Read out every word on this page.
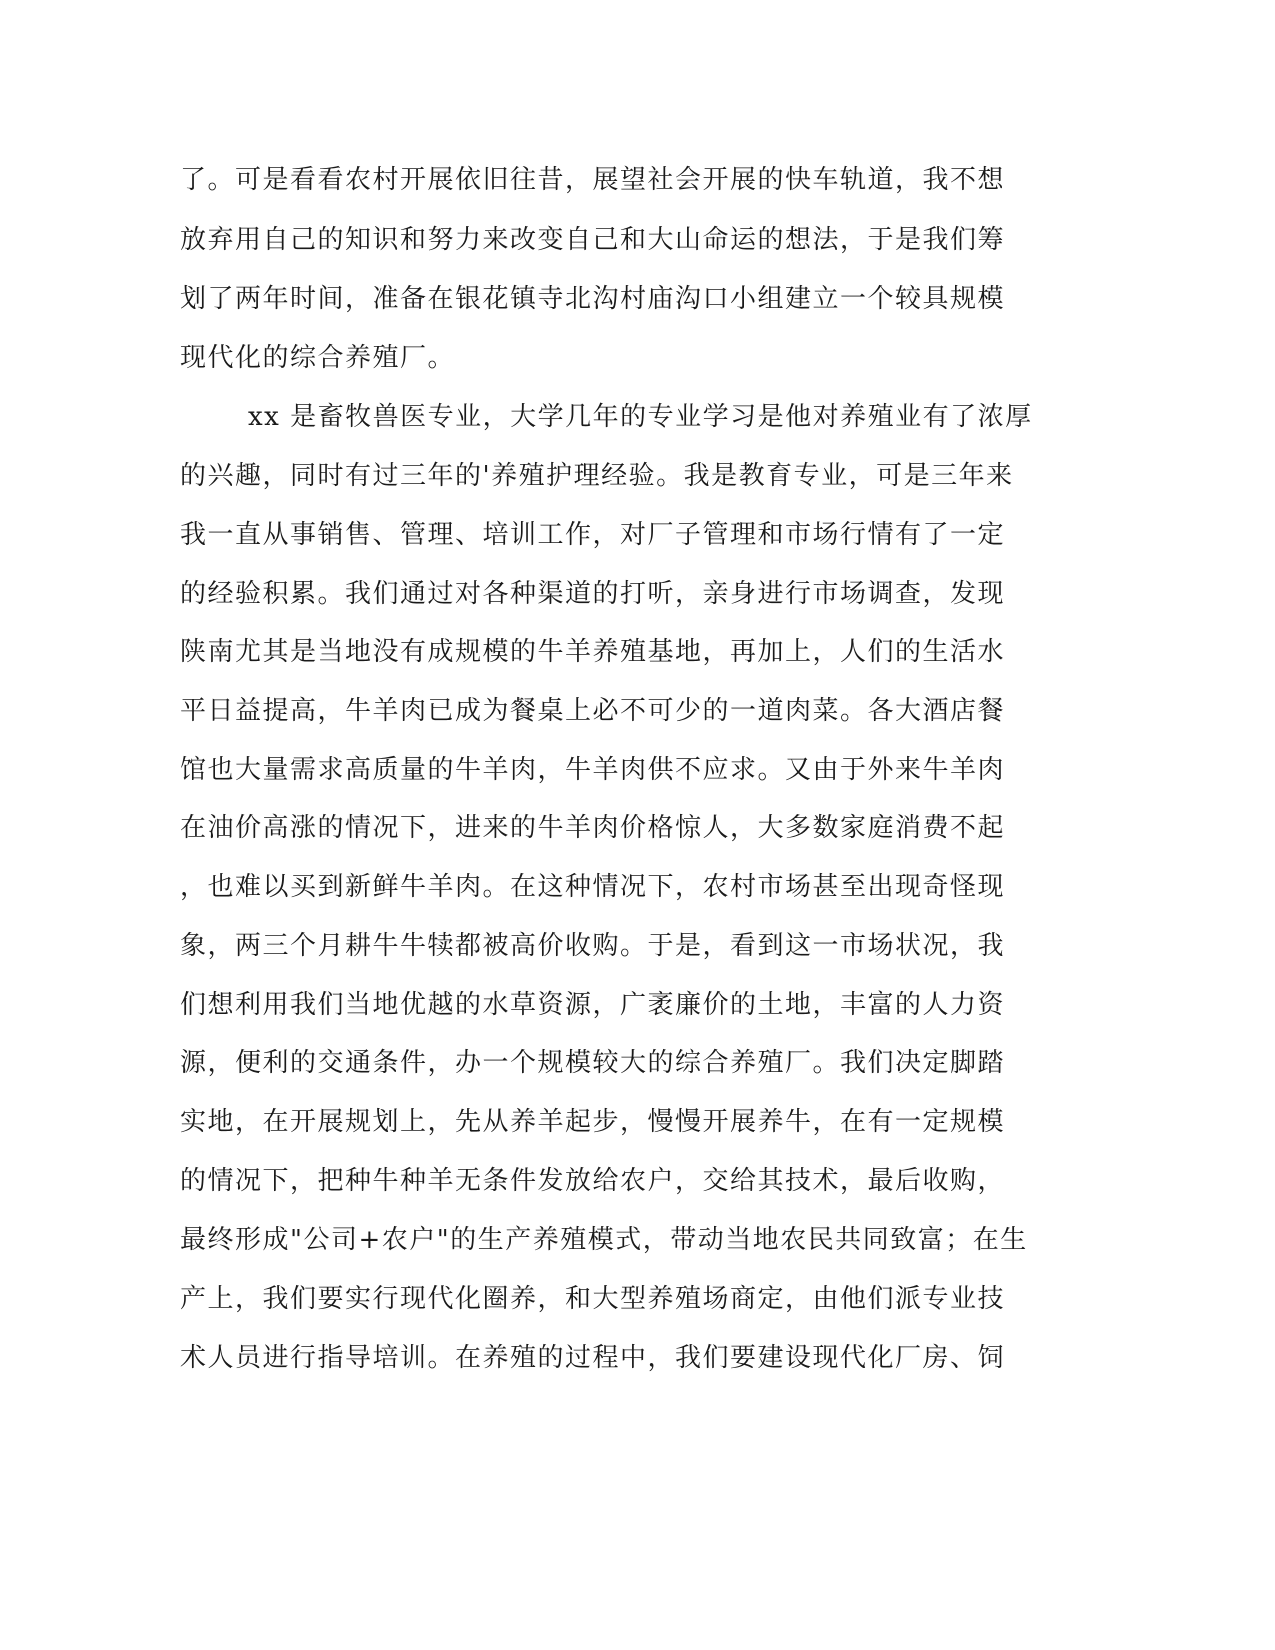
了。可是看看农村开展依旧往昔，展望社会开展的快车轨道，我不想
放弃用自己的知识和努力来改变自己和大山命运的想法，于是我们筹
划了两年时间，准备在银花镇寺北沟村庙沟口小组建立一个较具规模
现代化的综合养殖厂。
xx 是畜牧兽医专业，大学几年的专业学习是他对养殖业有了浓厚
的兴趣，同时有过三年的'养殖护理经验。我是教育专业，可是三年来
我一直从事销售、管理、培训工作，对厂子管理和市场行情有了一定
的经验积累。我们通过对各种渠道的打听，亲身进行市场调查，发现
陕南尤其是当地没有成规模的牛羊养殖基地，再加上，人们的生活水
平日益提高，牛羊肉已成为餐桌上必不可少的一道肉菜。各大酒店餐
馆也大量需求高质量的牛羊肉，牛羊肉供不应求。又由于外来牛羊肉
在油价高涨的情况下，进来的牛羊肉价格惊人，大多数家庭消费不起
，也难以买到新鲜牛羊肉。在这种情况下，农村市场甚至出现奇怪现
象，两三个月耕牛牛犊都被高价收购。于是，看到这一市场状况，我
们想利用我们当地优越的水草资源，广袤廉价的土地，丰富的人力资
源，便利的交通条件，办一个规模较大的综合养殖厂。我们决定脚踏
实地，在开展规划上，先从养羊起步，慢慢开展养牛，在有一定规模
的情况下，把种牛种羊无条件发放给农户，交给其技术，最后收购，
最终形成"公司+农户"的生产养殖模式，带动当地农民共同致富；在生
产上，我们要实行现代化圈养，和大型养殖场商定，由他们派专业技
术人员进行指导培训。在养殖的过程中，我们要建设现代化厂房、饲
